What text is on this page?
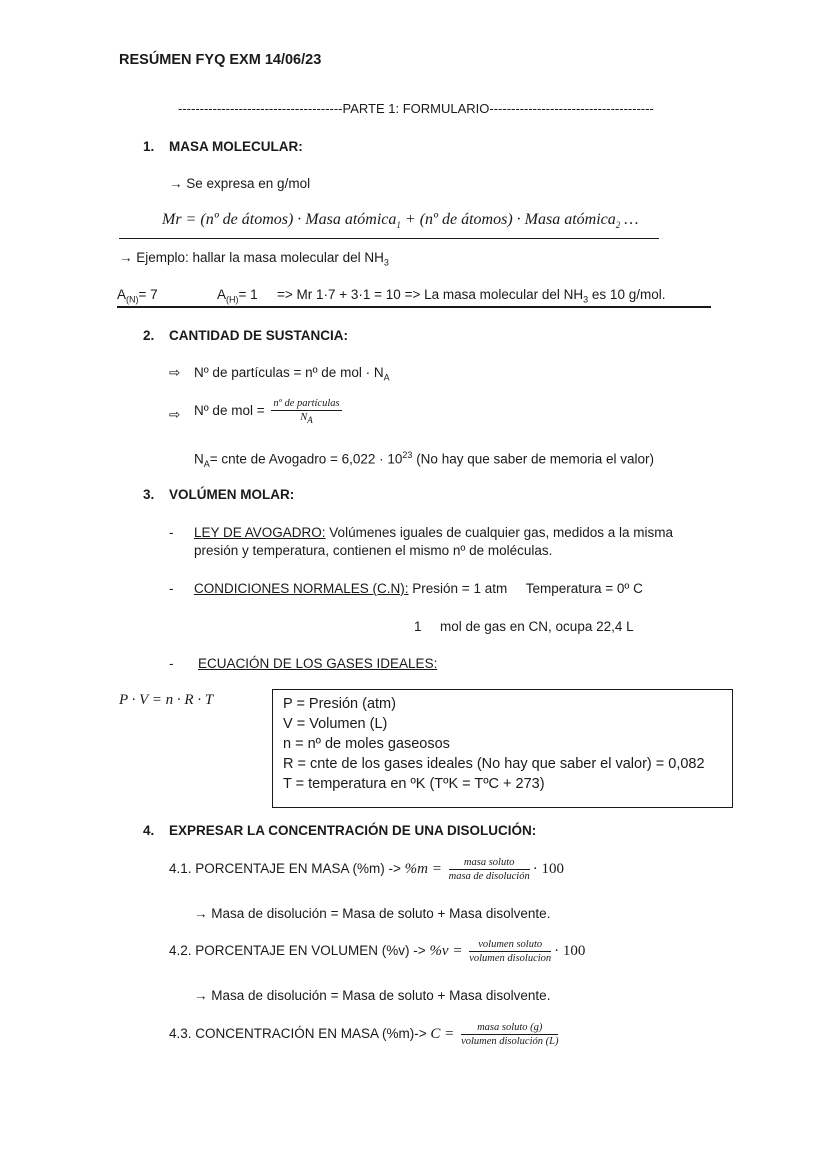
RESÚMEN FYQ EXM 14/06/23
--------------------------------------PARTE 1: FORMULARIO--------------------------------------
1. MASA MOLECULAR:
→ Se expresa en g/mol
Mr = (nº de átomos) · Masa atómica$_1$ + (nº de átomos) · Masa atómica$_2$ …
→ Ejemplo: hallar la masa molecular del $NH_3$
$A_{(N)}= 7$	$A_{(H)}= 1 => Mr$ 1·7 + 3·1 = 10 => La masa molecular del $NH_3$ es 10 g/mol.
2. CANTIDAD DE SUSTANCIA:
⇨ Nº de partículas = nº de mol · $N_A$
⇨ Nº de mol = $\frac{\text{nº de partículas}}{N_A}$
$N_A=$ cnte de Avogadro = $6,022 \cdot 10^{23}$ (No hay que saber de memoria el valor)
3. VOLÚMEN MOLAR:
- LEY DE AVOGADRO: Volúmenes iguales de cualquier gas, medidos a la misma
presión y temperatura, contienen el mismo nº de moléculas.
- CONDICIONES NORMALES (C.N): Presión = 1 atm     Temperatura = 0º C
1 mol de gas en CN, ocupa 22,4 L
- ECUACIÓN DE LOS GASES IDEALES:
P · V = n · R · T	P = Presión (atm)
V = Volumen (L)
n = nº de moles gaseosos
R = cnte de los gases ideales (No hay que saber el valor) = 0,082
T = temperatura en ºK (TºK = TºC + 273)
4. EXPRESAR LA CONCENTRACIÓN DE UNA DISOLUCIÓN:
4.1. PORCENTAJE EN MASA $(\%m) -> \%m = \frac{\text{masa soluto}}{\text{masa de disolución}} \cdot 100$
→ Masa de disolución = Masa de soluto + Masa disolvente.
4.2. PORCENTAJE EN VOLUMEN $(\%v) -> \%v = \frac{\text{volumen soluto}}{\text{volumen disolucion}} \cdot 100$
→ Masa de disolución = Masa de soluto + Masa disolvente.
4.3. CONCENTRACIÓN EN MASA $(\%m)-> C = \frac{\text{masa soluto (g)}}{\text{volumen disolución (L)}}$
